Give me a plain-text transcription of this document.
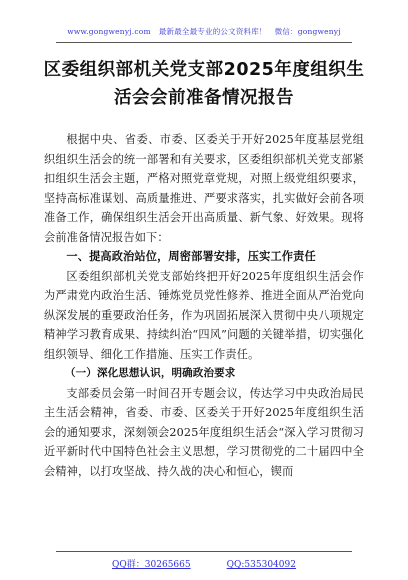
www.gongwenyj.com 最新最全最专业的公文资料库！ 微信：gongwenyj
区委组织部机关党支部2025年度组织生活会会前准备情况报告

根据中央、省委、市委、区委关于开好2025年度基层党组织组织生活会的统一部署和有关要求，区委组织部机关党支部紧扣组织生活会主题，严格对照党章党规，对照上级党组织要求，坚持高标准谋划、高质量推进、严要求落实，扎实做好会前各项准备工作，确保组织生活会开出高质量、新气象、好效果。现将会前准备情况报告如下：

一、提高政治站位，周密部署安排，压实工作责任

区委组织部机关党支部始终把开好2025年度组织生活会作为严肃党内政治生活、锤炼党员党性修养、推进全面从严治党向纵深发展的重要政治任务，作为巩固拓展深入贯彻中央八项规定精神学习教育成果、持续纠治“四风”问题的关键举措，切实强化组织领导、细化工作措施、压实工作责任。

（一）深化思想认识，明确政治要求

支部委员会第一时间召开专题会议，传达学习中央政治局民主生活会精神，省委、市委、区委关于开好2025年度组织生活会的通知要求，深刻领会2025年度组织生活会“深入学习贯彻习近平新时代中国特色社会主义思想，学习贯彻党的二十届四中全会精神，以打攻坚战、持久战的决心和恒心，锲而

QQ群：30265665	QQ:535304092
